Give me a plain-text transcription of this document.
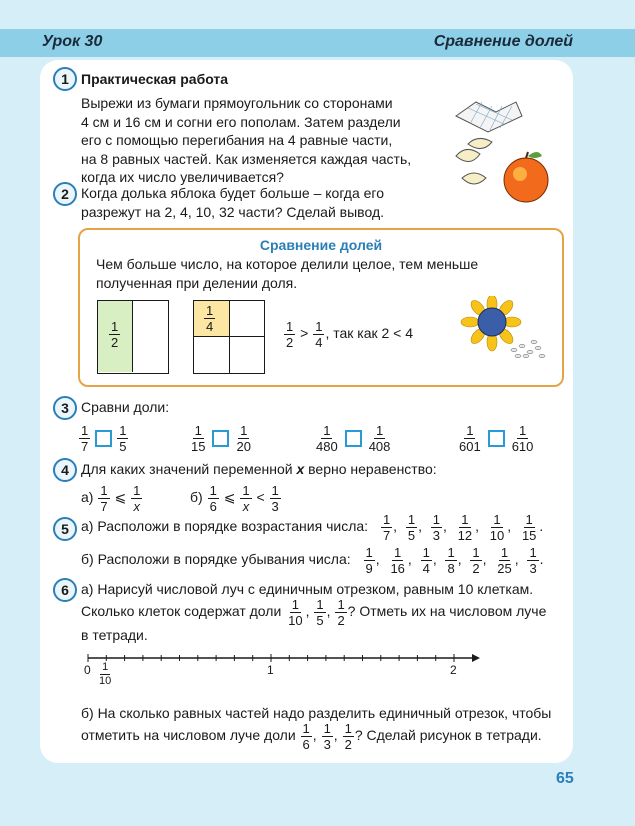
Урок 30	Сравнение долей
1 Практическая работа
Вырежи из бумаги прямоугольник со сторонами
4 см и 16 см и согни его пополам. Затем раздели
его с помощью перегибания на 4 равные части,
на 8 равных частей. Как изменяется каждая часть,
когда их число увеличивается?
2 Когда долька яблока будет больше – когда его
разрежут на 2, 4, 10, 32 части? Сделай вывод.
Сравнение долей
Чем больше число, на которое делили целое, тем меньше
полученная при делении доля.
$\frac{1}{2}$
$\frac{1}{4}$
$\frac{1}{2} > \frac{1}{4}$ , так как 2 < 4
3 Сравни доли:
$\frac{1}{7} \frac{1}{5}$	$\frac{1}{15} \frac{1}{20}$	$\frac{1}{480} \frac{1}{408}$	$\frac{1}{601} \frac{1}{610}$
4 Для каких значений переменной x верно неравенство:
$а) \frac{1}{7}$ ⩽ $\frac{1}{x}$	$б) \frac{1}{6}$ ⩽ $\frac{1}{x} < \frac{1}{3}$
5 а) Расположи в порядке возрастания числа: $\frac{1}{7}$ , $\frac{1}{5}$ , $\frac{1}{3}$ , $\frac{1}{12}$ , $\frac{1}{10}$ , $\frac{1}{15}$ .
б) Расположи в порядке убывания числа: $\frac{1}{9}$ , $\frac{1}{16}$ , $\frac{1}{4}$ , $\frac{1}{8}$ , $\frac{1}{2}$ , $\frac{1}{25}$ , $\frac{1}{3}$ .
6 а) Нарисуй числовой луч с единичным отрезком, равным 10 клеткам.
Сколько клеток содержат доли $\frac{1}{10}$ , $\frac{1}{5}$ , $\frac{1}{2}$ ? Отметь их на числовом луче
в тетради.
$0 \frac{1}{10}$	1	2
б) На сколько равных частей надо разделить единичный отрезок, чтобы
отметить на числовом луче доли $\frac{1}{6}$ , $\frac{1}{3}$ , $\frac{1}{2}$ ? Сделай рисунок в тетради.
65
